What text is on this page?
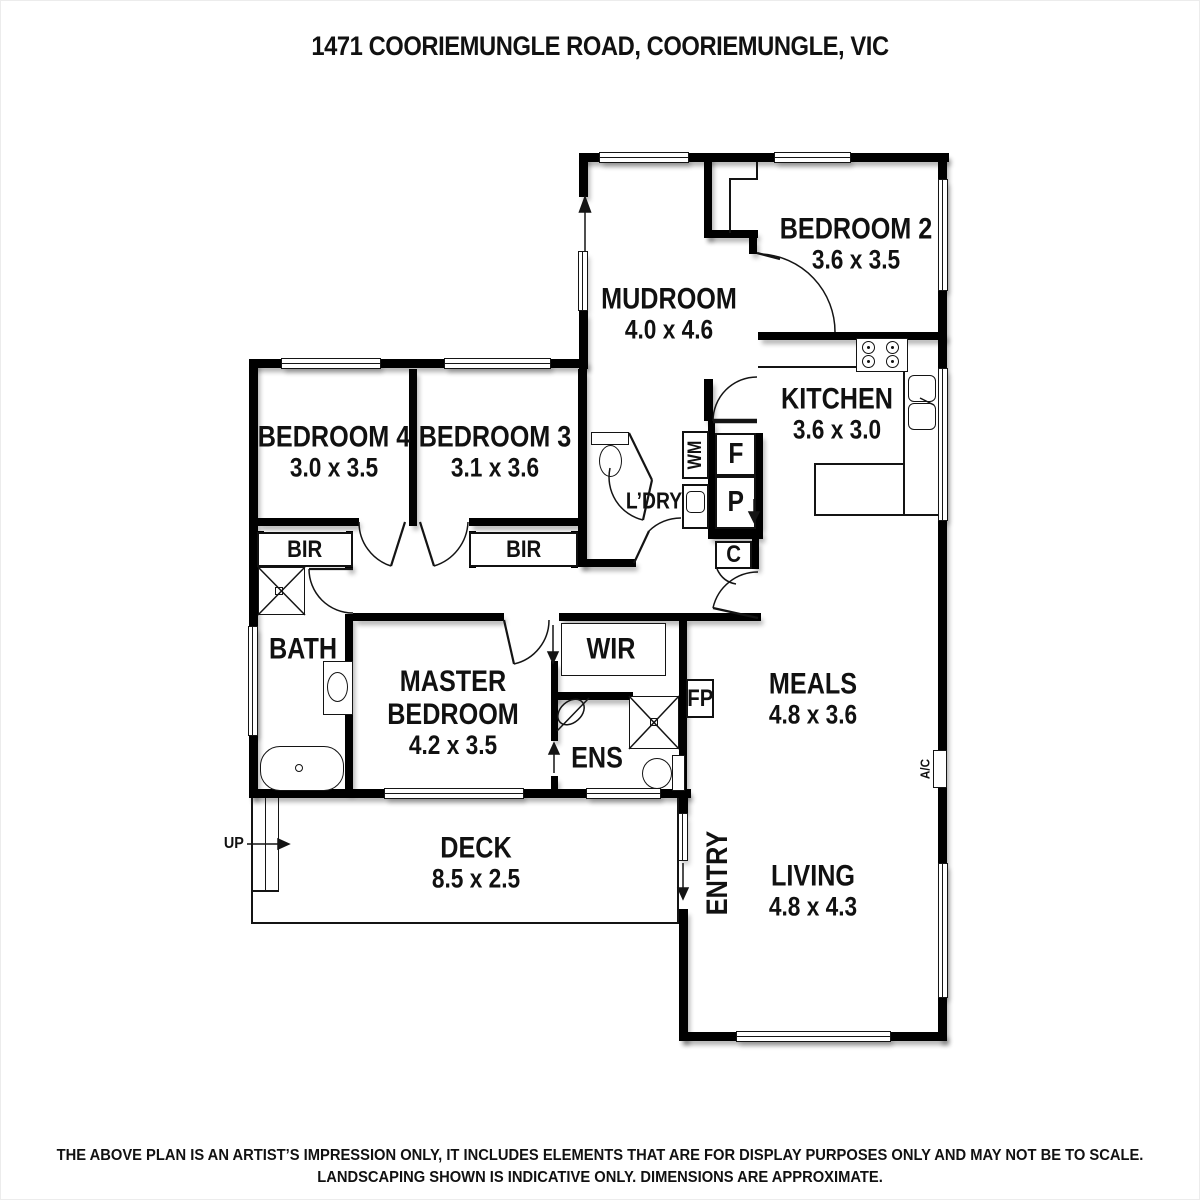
1471 COORIEMUNGLE ROAD, COORIEMUNGLE, VIC
BIR	BIR
F
P
C
FP
WM
A/C
MUDROOM
4.0 x 4.6
BEDROOM 2
3.6 x 3.5
KITCHEN
3.6 x 3.0
BEDROOM 4
3.0 x 3.5
BEDROOM 3
3.1 x 3.6
BATH
MASTER BEDROOM
4.2 x 3.5
WIR
ENS
L’DRY
MEALS
4.8 x 3.6
LIVING
4.8 x 4.3
DECK
8.5 x 2.5	ENTRY
UP
THE ABOVE PLAN IS AN ARTIST’S IMPRESSION ONLY, IT INCLUDES ELEMENTS THAT ARE FOR DISPLAY PURPOSES ONLY AND MAY NOT BE TO SCALE.
LANDSCAPING SHOWN IS INDICATIVE ONLY. DIMENSIONS ARE APPROXIMATE.
